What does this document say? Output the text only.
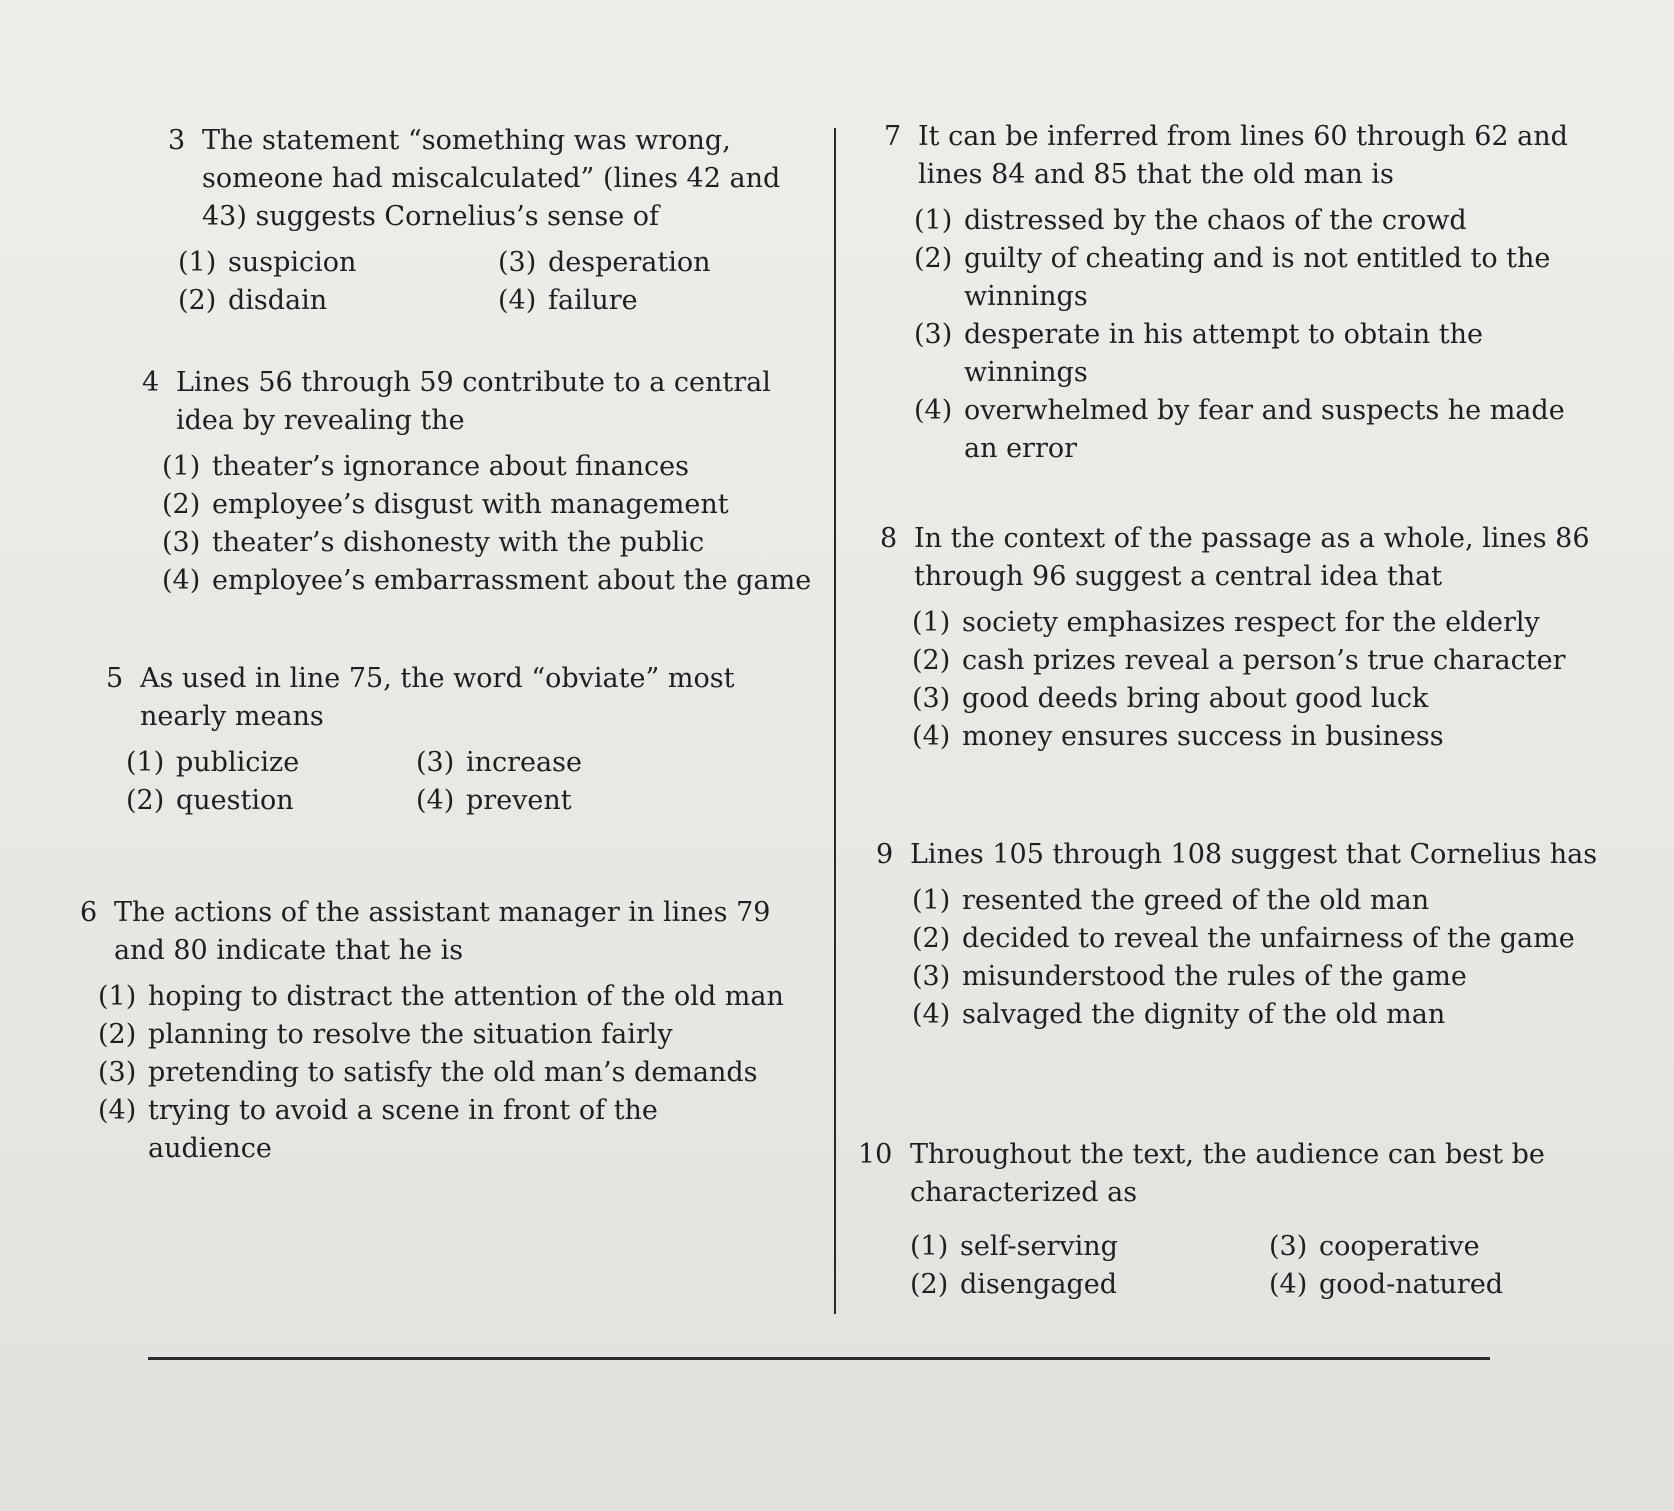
3 The statement “something was wrong, someone had miscalculated” (lines 42 and 43) suggests Cornelius’s sense of
(1) suspicion	(3) desperation
(2) disdain	(4) failure
4 Lines 56 through 59 contribute to a central idea by revealing the
(1) theater’s ignorance about finances
(2) employee’s disgust with management
(3) theater’s dishonesty with the public
(4) employee’s embarrassment about the game
5 As used in line 75, the word “obviate” most nearly means
(1) publicize	(3) increase
(2) question	(4) prevent
6 The actions of the assistant manager in lines 79 and 80 indicate that he is
(1) hoping to distract the attention of the old man
(2) planning to resolve the situation fairly
(3) pretending to satisfy the old man’s demands
(4) trying to avoid a scene in front of the audience
7 It can be inferred from lines 60 through 62 and lines 84 and 85 that the old man is
(1) distressed by the chaos of the crowd
(2) guilty of cheating and is not entitled to the winnings
(3) desperate in his attempt to obtain the winnings
(4) overwhelmed by fear and suspects he made an error
8 In the context of the passage as a whole, lines 86 through 96 suggest a central idea that
(1) society emphasizes respect for the elderly
(2) cash prizes reveal a person’s true character
(3) good deeds bring about good luck
(4) money ensures success in business
9 Lines 105 through 108 suggest that Cornelius has
(1) resented the greed of the old man
(2) decided to reveal the unfairness of the game
(3) misunderstood the rules of the game
(4) salvaged the dignity of the old man
10 Throughout the text, the audience can best be characterized as
(1) self-serving	(3) cooperative
(2) disengaged	(4) good-natured
